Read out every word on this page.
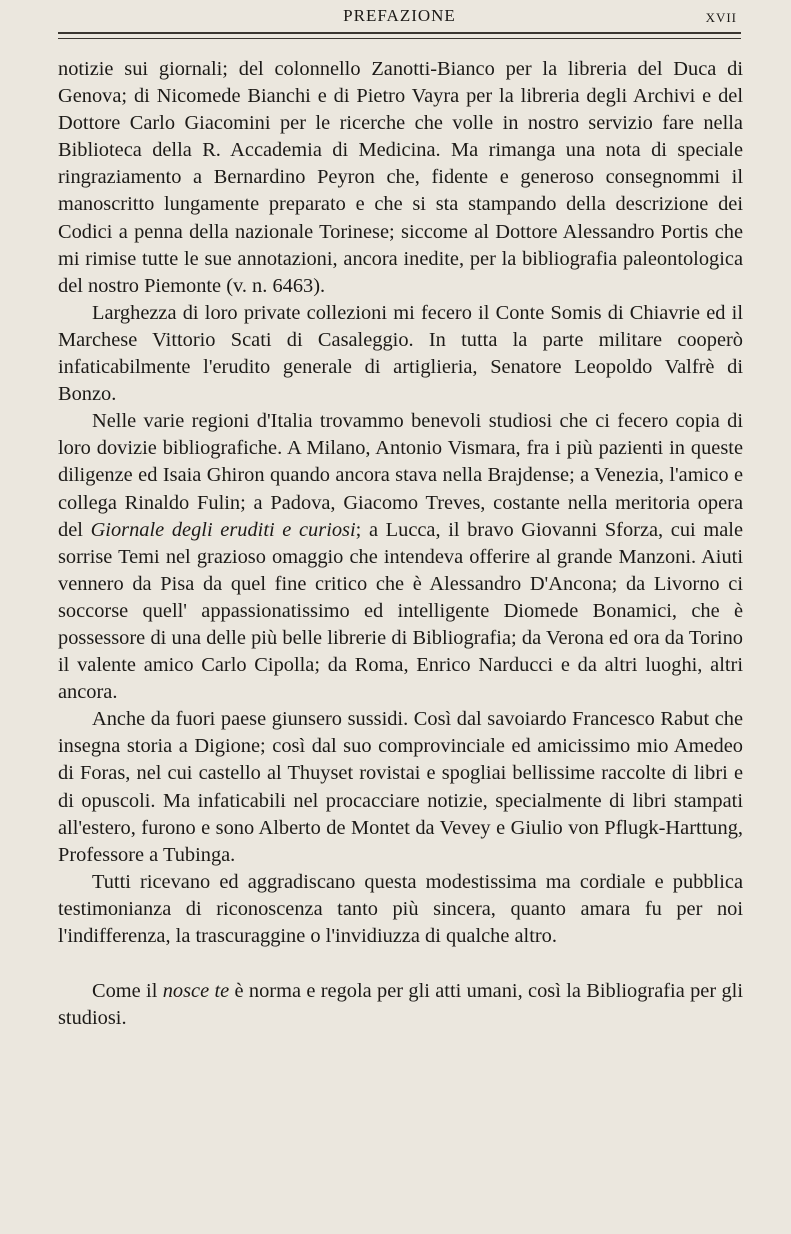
PREFAZIONE	XVII

notizie sui giornali; del colonnello Zanotti-Bianco per la libreria del Duca di Genova; di Nicomede Bianchi e di Pietro Vayra per la libreria degli Archivi e del Dottore Carlo Giacomini per le ricerche che volle in nostro servizio fare nella Biblioteca della R. Accademia di Medicina. Ma rimanga una nota di speciale ringraziamento a Bernardino Peyron che, fidente e generoso consegnommi il manoscritto lungamente preparato e che si sta stampando della descrizione dei Codici a penna della nazionale Torinese; siccome al Dottore Alessandro Portis che mi rimise tutte le sue annotazioni, ancora inedite, per la bibliografia paleontologica del nostro Piemonte (v. n. 6463).

Larghezza di loro private collezioni mi fecero il Conte Somis di Chiavrie ed il Marchese Vittorio Scati di Casaleggio. In tutta la parte militare cooperò infaticabilmente l'erudito generale di artiglieria, Senatore Leopoldo Valfrè di Bonzo.

Nelle varie regioni d'Italia trovammo benevoli studiosi che ci fecero copia di loro dovizie bibliografiche. A Milano, Antonio Vismara, fra i più pazienti in queste diligenze ed Isaia Ghiron quando ancora stava nella Brajdense; a Venezia, l'amico e collega Rinaldo Fulin; a Padova, Giacomo Treves, costante nella meritoria opera del Giornale degli eruditi e curiosi; a Lucca, il bravo Giovanni Sforza, cui male sorrise Temi nel grazioso omaggio che intendeva offerire al grande Manzoni. Aiuti vennero da Pisa da quel fine critico che è Alessandro D'Ancona; da Livorno ci soccorse quell' appassionatissimo ed intelligente Diomede Bonamici, che è possessore di una delle più belle librerie di Bibliografia; da Verona ed ora da Torino il valente amico Carlo Cipolla; da Roma, Enrico Narducci e da altri luoghi, altri ancora.

Anche da fuori paese giunsero sussidi. Così dal savoiardo Francesco Rabut che insegna storia a Digione; così dal suo comprovinciale ed amicissimo mio Amedeo di Foras, nel cui castello al Thuyset rovistai e spogliai bellissime raccolte di libri e di opuscoli. Ma infaticabili nel procacciare notizie, specialmente di libri stampati all'estero, furono e sono Alberto de Montet da Vevey e Giulio von Pflugk-Harttung, Professore a Tubinga.

Tutti ricevano ed aggradiscano questa modestissima ma cordiale e pubblica testimonianza di riconoscenza tanto più sincera, quanto amara fu per noi l'indifferenza, la trascuraggine o l'invidiuzza di qualche altro.

Come il nosce te è norma e regola per gli atti umani, così la Bibliografia per gli studiosi.
